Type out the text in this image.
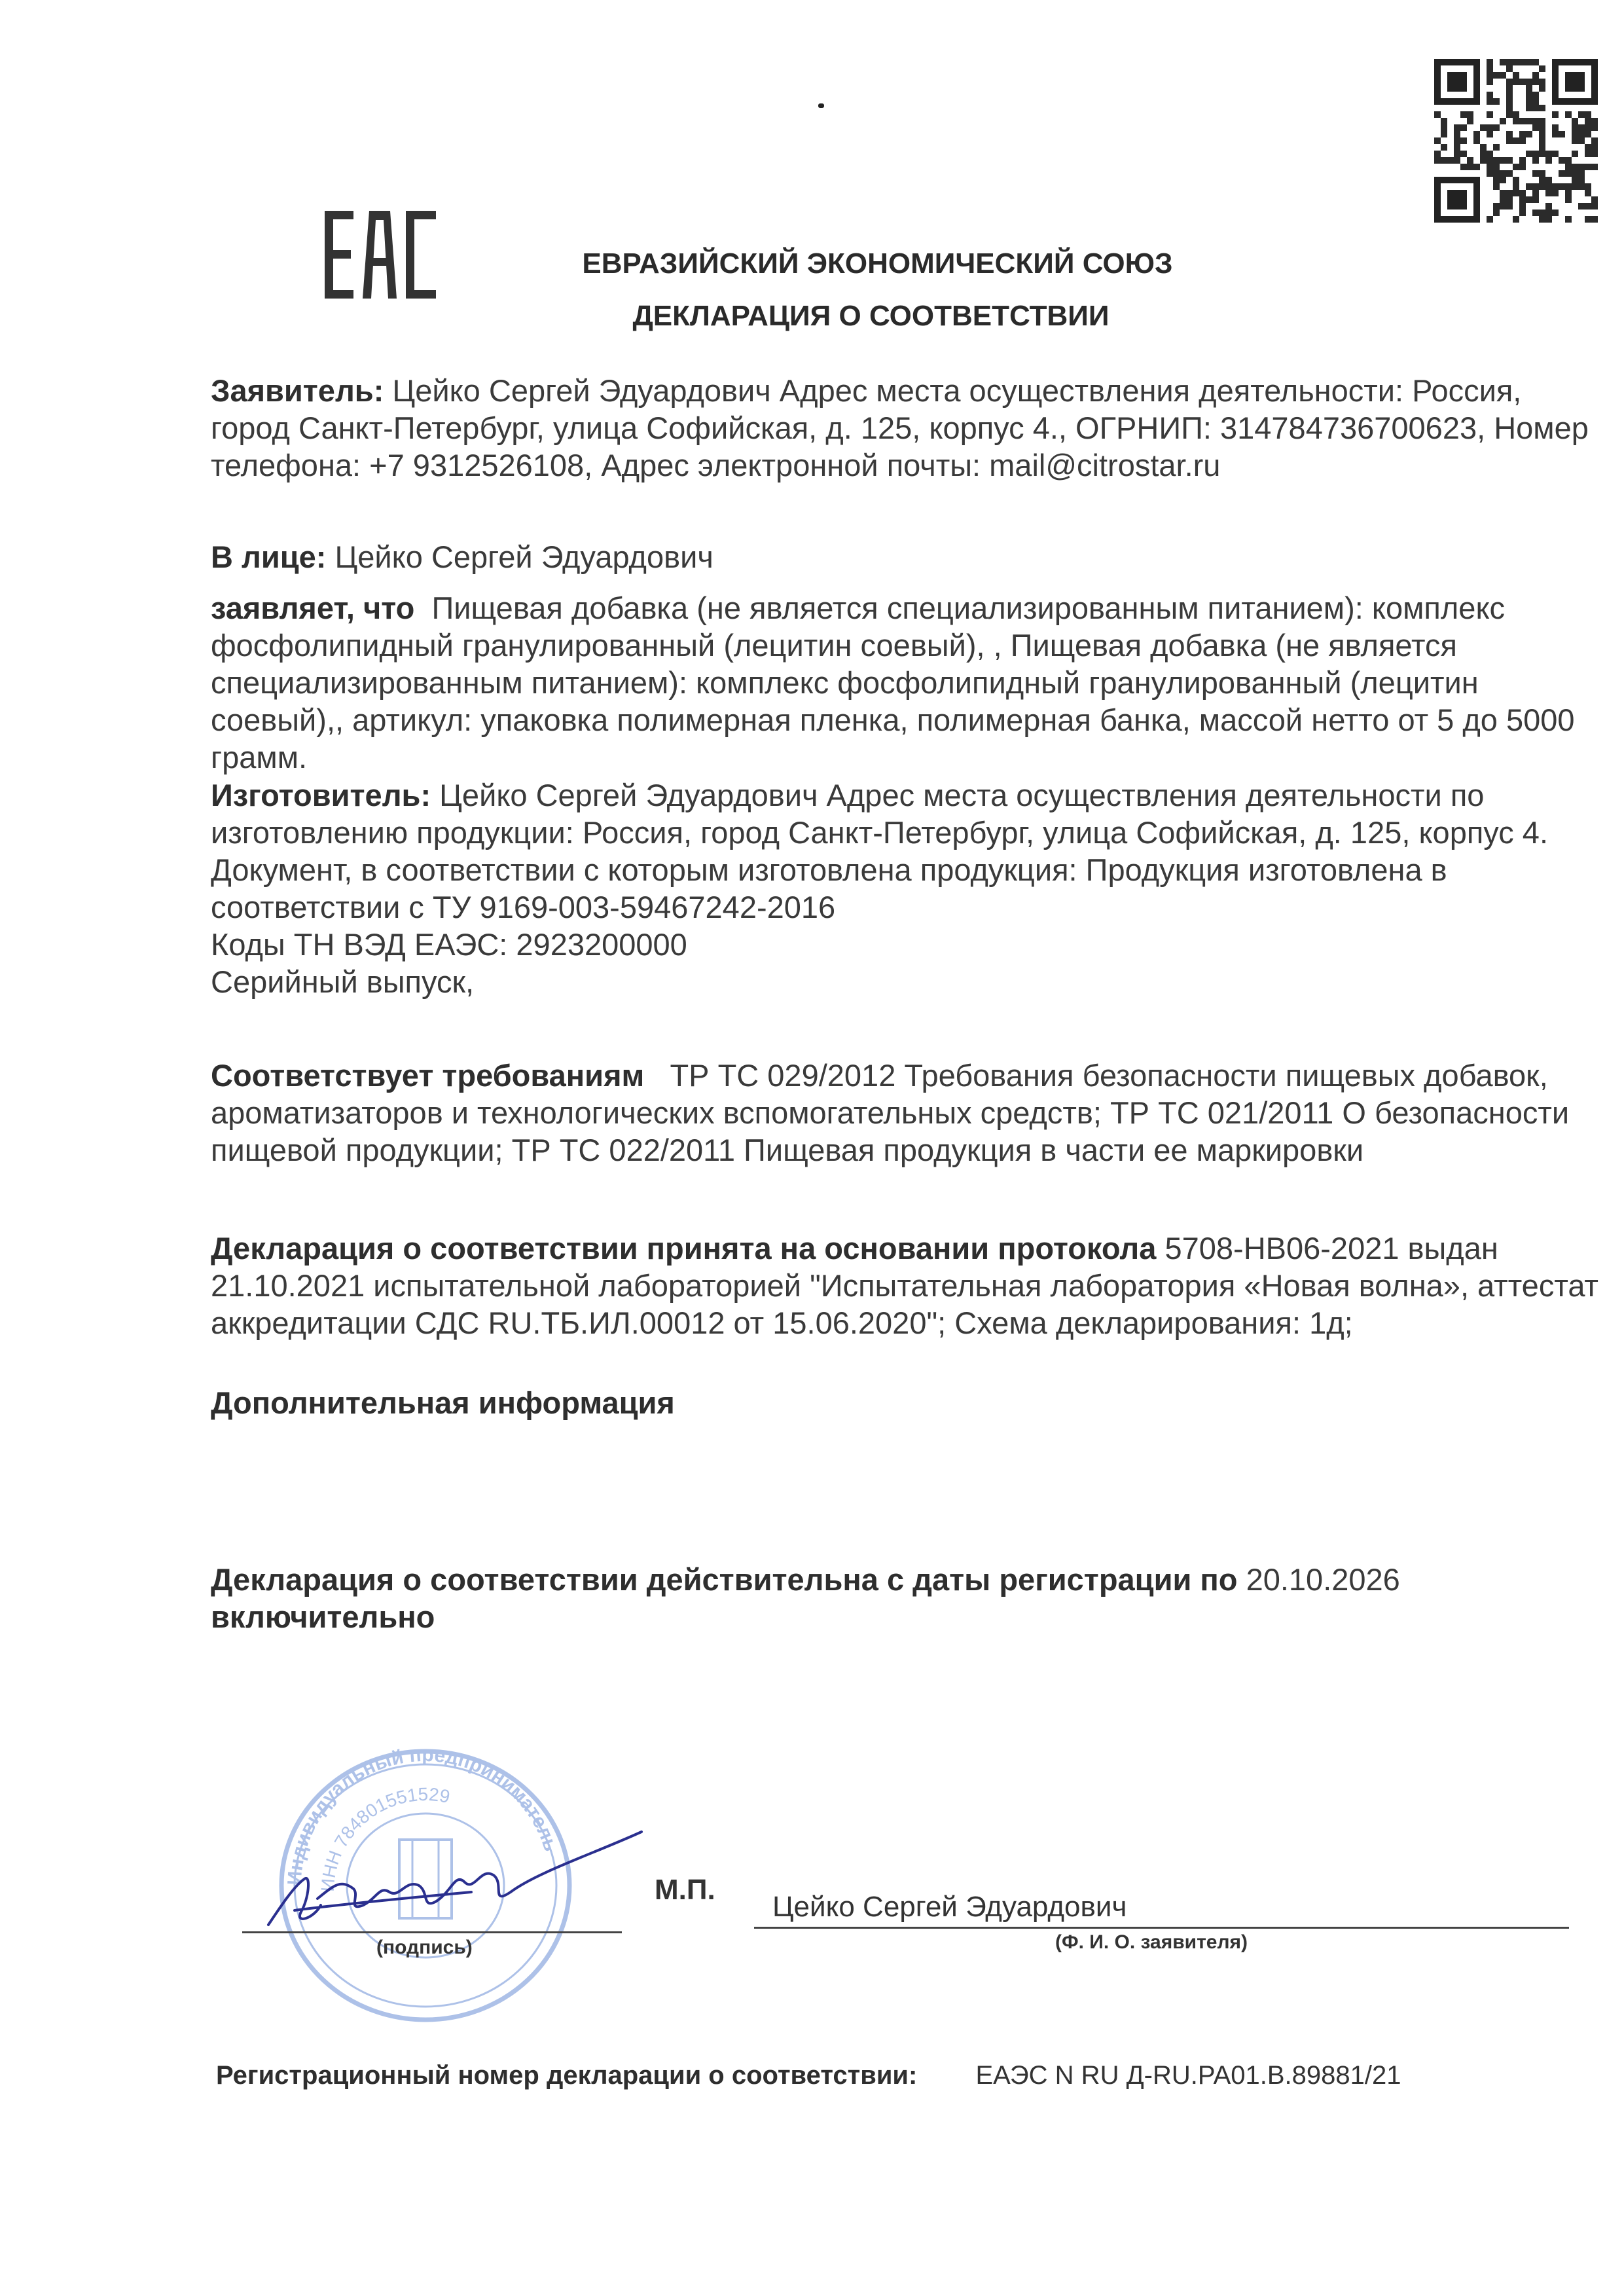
ЕВРАЗИЙСКИЙ ЭКОНОМИЧЕСКИЙ СОЮЗ
ДЕКЛАРАЦИЯ О СООТВЕТСТВИИ
Заявитель: Цейко Сергей Эдуардович Адрес места осуществления деятельности: Россия, город Санкт-Петербург, улица Софийская, д. 125, корпус 4., ОГРНИП: 314784736700623, Номер телефона: +7 9312526108, Адрес электронной почты: mail@citrostar.ru
В лице: Цейко Сергей Эдуардович
заявляет, что Пищевая добавка (не является специализированным питанием): комплекс фосфолипидный гранулированный (лецитин соевый), , Пищевая добавка (не является специализированным питанием): комплекс фосфолипидный гранулированный (лецитин соевый),, артикул: упаковка полимерная пленка, полимерная банка, массой нетто от 5 до 5000 грамм.
Изготовитель: Цейко Сергей Эдуардович Адрес места осуществления деятельности по изготовлению продукции: Россия, город Санкт-Петербург, улица Софийская, д. 125, корпус 4.
Документ, в соответствии с которым изготовлена продукция: Продукция изготовлена в соответствии с ТУ 9169-003-59467242-2016
Коды ТН ВЭД ЕАЭС: 2923200000
Серийный выпуск,
Соответствует требованиям ТР ТС 029/2012 Требования безопасности пищевых добавок, ароматизаторов и технологических вспомогательных средств; ТР ТС 021/2011 О безопасности пищевой продукции; ТР ТС 022/2011 Пищевая продукция в части ее маркировки
Декларация о соответствии принята на основании протокола 5708-НВ06-2021 выдан 21.10.2021 испытательной лабораторией "Испытательная лаборатория «Новая волна», аттестат аккредитации СДС RU.ТБ.ИЛ.00012 от 15.06.2020"; Схема декларирования: 1д;
Дополнительная информация
Декларация о соответствии действительна с даты регистрации по 20.10.2026
включительно
Индивидуальный предприниматель
ИНН 784801551529
(подпись)
М.П.
Цейко Сергей Эдуардович
(Ф. И. О. заявителя)
Регистрационный номер декларации о соответствии: ЕАЭС N RU Д-RU.PA01.B.89881/21
